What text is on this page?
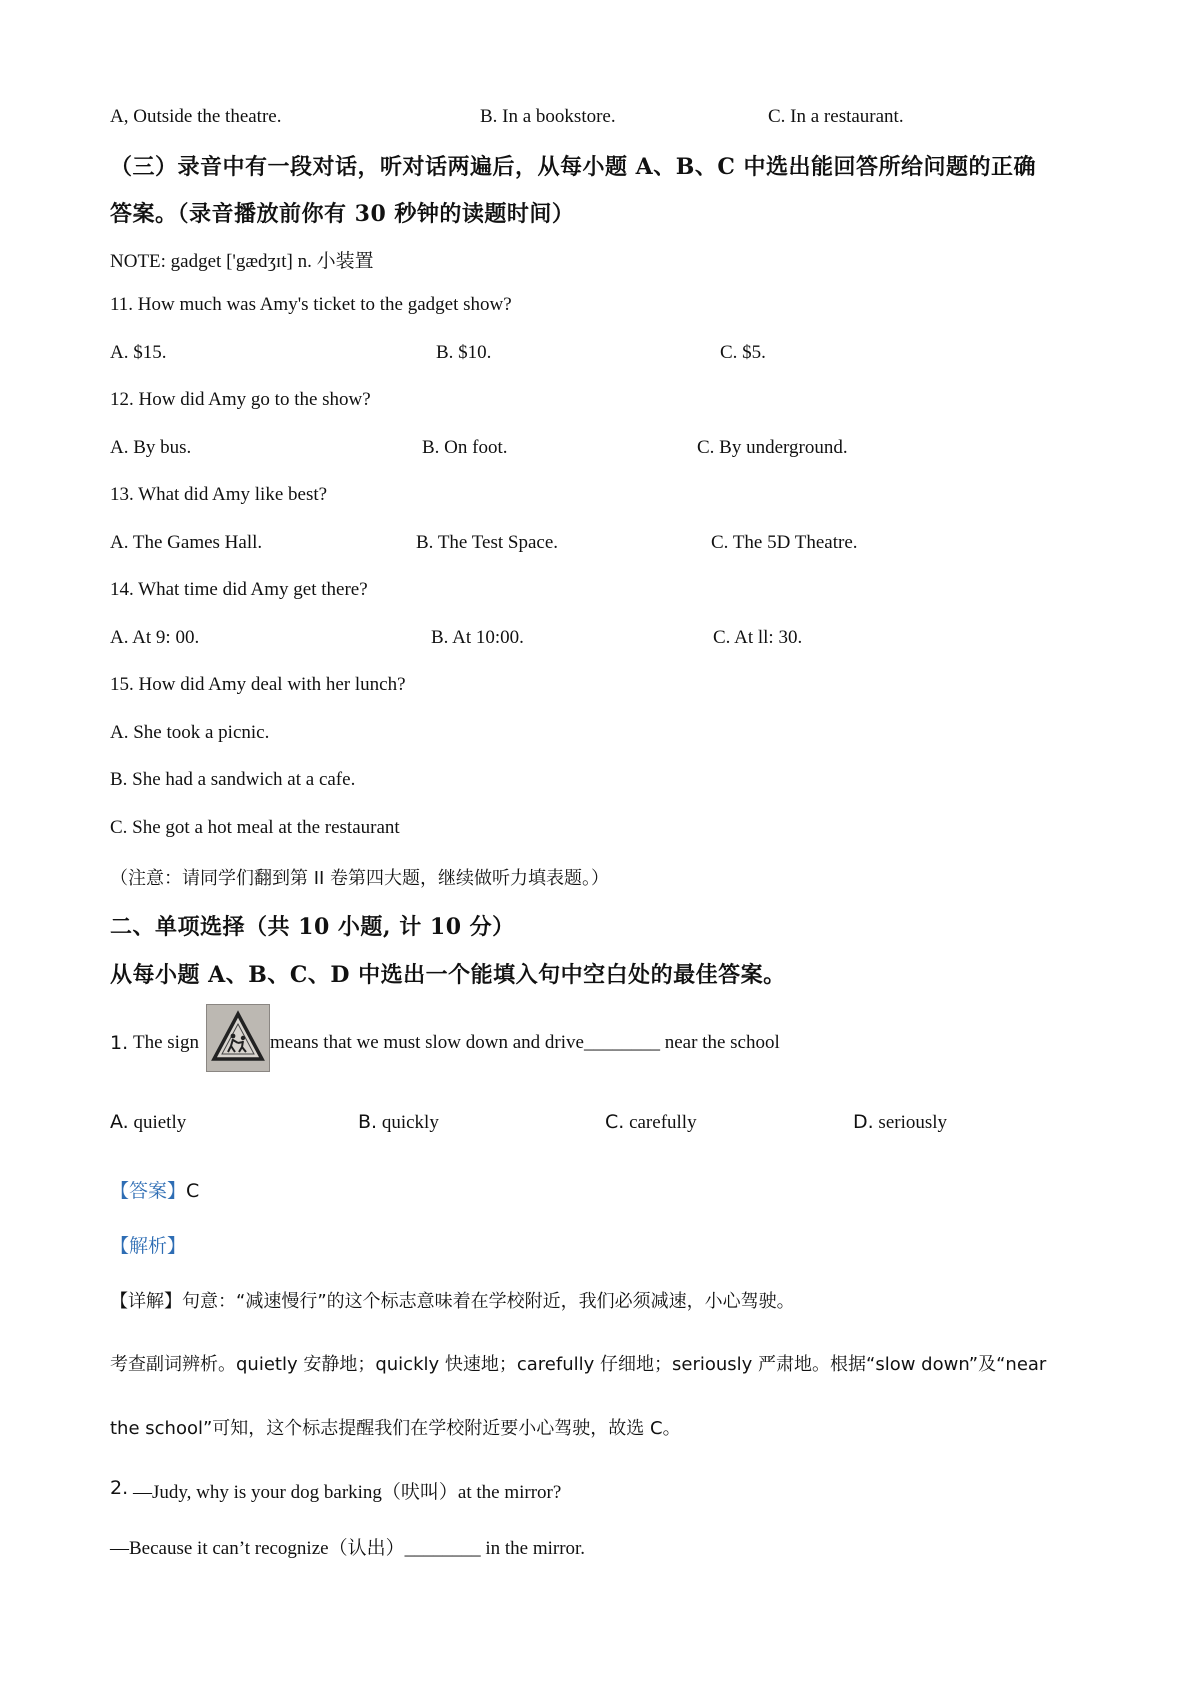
A, Outside the theatre.	B. In a bookstore.	C. In a restaurant.
（三）录音中有一段对话，听对话两遍后，从每小题 A、B、C 中选出能回答所给问题的正确
答案。（录音播放前你有 30 秒钟的读题时间）
NOTE: gadget ['gædʒɪt] n. 小装置
11. How much was Amy's ticket to the gadget show?
A. $15.	B. $10.	C. $5.
12. How did Amy go to the show?
A. By bus.	B. On foot.	C. By underground.
13. What did Amy like best?
A. The Games Hall.	B. The Test Space.	C. The 5D Theatre.
14. What time did Amy get there?
A. At 9: 00.	B. At 10:00.	C. At ll: 30.
15. How did Amy deal with her lunch?
A. She took a picnic.
B. She had a sandwich at a cafe.
C. She got a hot meal at the restaurant
（注意：请同学们翻到第 II 卷第四大题，继续做听力填表题。）
二、单项选择（共 10 小题, 计 10 分）
从每小题 A、B、C、D 中选出一个能填入句中空白处的最佳答案。
1. The sign	means that we must slow down and drive________ near the school
A. quietly	B. quickly	C. carefully	D. seriously
【答案】C
【解析】
【详解】句意：“减速慢行”的这个标志意味着在学校附近，我们必须减速，小心驾驶。
考查副词辨析。quietly 安静地；quickly 快速地；carefully 仔细地；seriously 严肃地。根据“slow down”及“near
the school”可知，这个标志提醒我们在学校附近要小心驾驶，故选 C。
2. —Judy, why is your dog barking（吠叫）at the mirror?
—Because it can’t recognize（认出）________ in the mirror.
